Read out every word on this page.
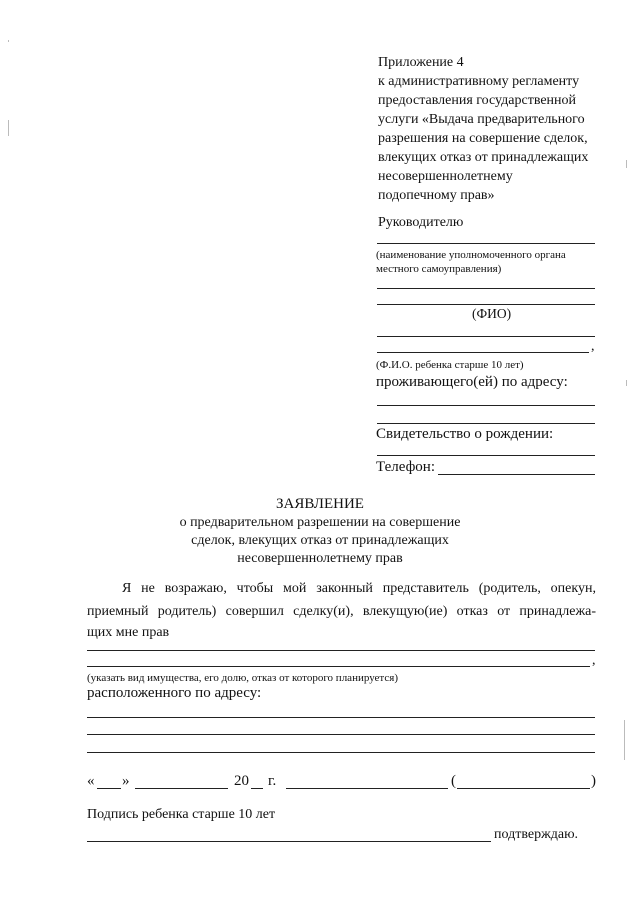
Приложение 4
к административному регламенту
предоставления государственной
услуги «Выдача предварительного
разрешения на совершение сделок,
влекущих отказ от принадлежащих
несовершеннолетнему
подопечному прав»
Руководителю
(наименование уполномоченного органа
местного самоуправления)
(ФИО)
,
(Ф.И.О. ребенка старше 10 лет)
проживающего(ей) по адресу:
Свидетельство о рождении:
Телефон:
ЗАЯВЛЕНИЕ
о предварительном разрешении на совершение
сделок, влекущих отказ от принадлежащих
несовершеннолетнему прав
Я не возражаю, чтобы мой законный представитель (родитель, опекун,
приемный родитель) совершил сделку(и), влекущую(ие) отказ от принадлежа-
щих мне прав
,
(указать вид имущества, его долю, отказ от которого планируется)
расположенного по адресу:
« »	20 г.	(	)
Подпись ребенка старше 10 лет
подтверждаю.
